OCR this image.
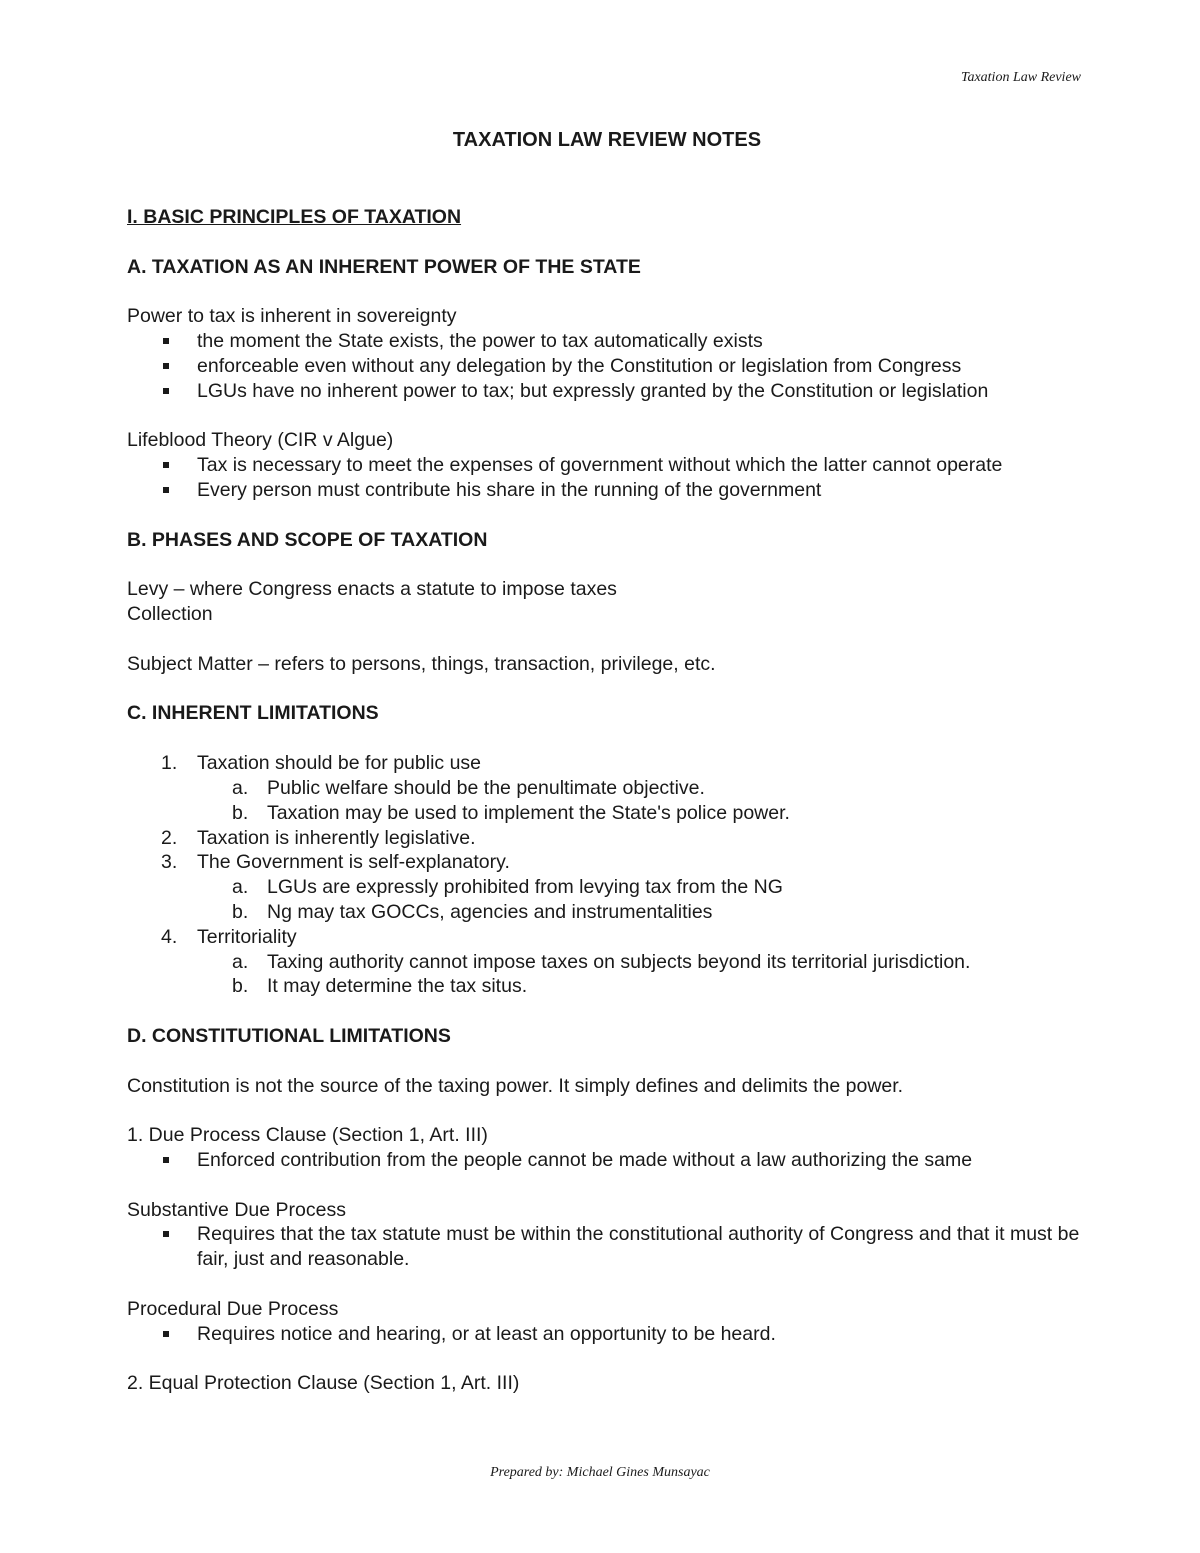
Taxation Law Review
TAXATION LAW REVIEW NOTES
I. BASIC PRINCIPLES OF TAXATION
A. TAXATION AS AN INHERENT POWER OF THE STATE

Power to tax is inherent in sovereignty

the moment the State exists, the power to tax automatically exists
enforceable even without any delegation by the Constitution or legislation from Congress
LGUs have no inherent power to tax; but expressly granted by the Constitution or legislation

Lifeblood Theory (CIR v Algue)

Tax is necessary to meet the expenses of government without which the latter cannot operate
Every person must contribute his share in the running of the government
B. PHASES AND SCOPE OF TAXATION

Levy – where Congress enacts a statute to impose taxes

Collection

Subject Matter – refers to persons, things, transaction, privilege, etc.

C. INHERENT LIMITATIONS
1. Taxation should be for public use
a. Public welfare should be the penultimate objective.
b. Taxation may be used to implement the State's police power.
2. Taxation is inherently legislative.
3. The Government is self-explanatory.
a. LGUs are expressly prohibited from levying tax from the NG
b. Ng may tax GOCCs, agencies and instrumentalities
4. Territoriality
a. Taxing authority cannot impose taxes on subjects beyond its territorial jurisdiction.
b. It may determine the tax situs.
D. CONSTITUTIONAL LIMITATIONS

Constitution is not the source of the taxing power. It simply defines and delimits the power.

1. Due Process Clause (Section 1, Art. III)

Enforced contribution from the people cannot be made without a law authorizing the same

Substantive Due Process

Requires that the tax statute must be within the constitutional authority of Congress and that it must be fair, just and reasonable.

Procedural Due Process

Requires notice and hearing, or at least an opportunity to be heard.

2. Equal Protection Clause (Section 1, Art. III)

Prepared by: Michael Gines Munsayac
